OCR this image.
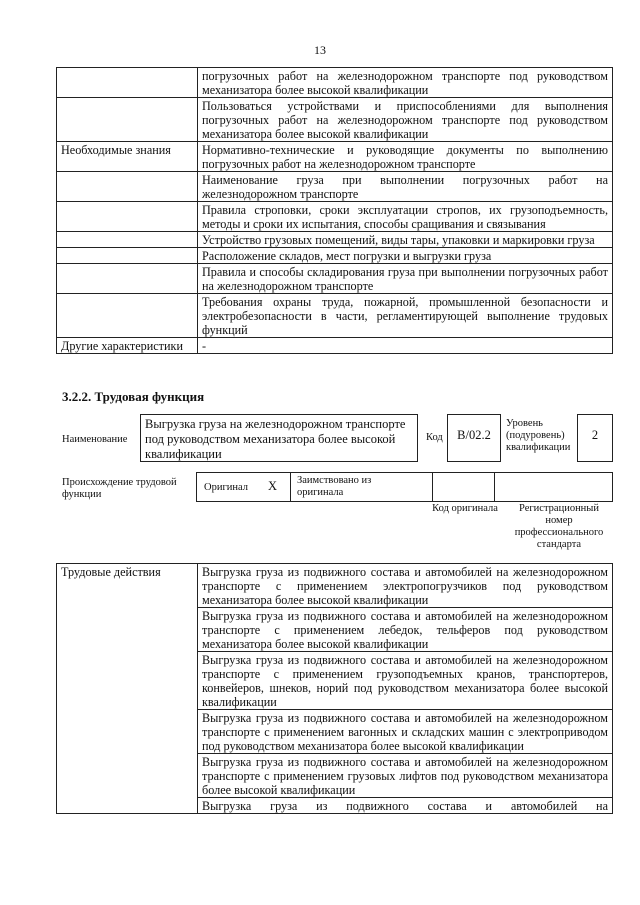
13
	погрузочных работ на железнодорожном транспорте под руководством механизатора более высокой квалификации
	Пользоваться устройствами и приспособлениями для выполнения погрузочных работ на железнодорожном транспорте под руководством механизатора более высокой квалификации
Необходимые знания	Нормативно-технические и руководящие документы по выполнению погрузочных работ на железнодорожном транспорте
	Наименование груза при выполнении погрузочных работ на железнодорожном транспорте
	Правила строповки, сроки эксплуатации стропов, их грузоподъемность, методы и сроки их испытания, способы сращивания и связывания
	Устройство грузовых помещений, виды тары, упаковки и маркировки груза
	Расположение складов, мест погрузки и выгрузки груза
	Правила и способы складирования груза при выполнении погрузочных работ на железнодорожном транспорте
	Требования охраны труда, пожарной, промышленной безопасности и электробезопасности в части, регламентирующей выполнение трудовых функций
Другие характеристики	-
3.2.2. Трудовая функция
Наименование
Выгрузка груза на железнодорожном транспорте под руководством механизатора более высокой квалификации
Код	В/02.2
Уровень (подуровень) квалификации
2
Происхождение трудовой функции
Оригинал X Заимствовано из оригинала
Код оригинала	Регистрационный номер профессионального стандарта
Трудовые действия	Выгрузка груза из подвижного состава и автомобилей на железнодорожном транспорте с применением электропогрузчиков под руководством механизатора более высокой квалификации
Выгрузка груза из подвижного состава и автомобилей на железнодорожном транспорте с применением лебедок, тельферов под руководством механизатора более высокой квалификации
Выгрузка груза из подвижного состава и автомобилей на железнодорожном транспорте с применением грузоподъемных кранов, транспортеров, конвейеров, шнеков, норий под руководством механизатора более высокой квалификации
Выгрузка груза из подвижного состава и автомобилей на железнодорожном транспорте с применением вагонных и складских машин с электроприводом под руководством механизатора более высокой квалификации
Выгрузка груза из подвижного состава и автомобилей на железнодорожном транспорте с применением грузовых лифтов под руководством механизатора более высокой квалификации
Выгрузка груза из подвижного состава и автомобилей на
